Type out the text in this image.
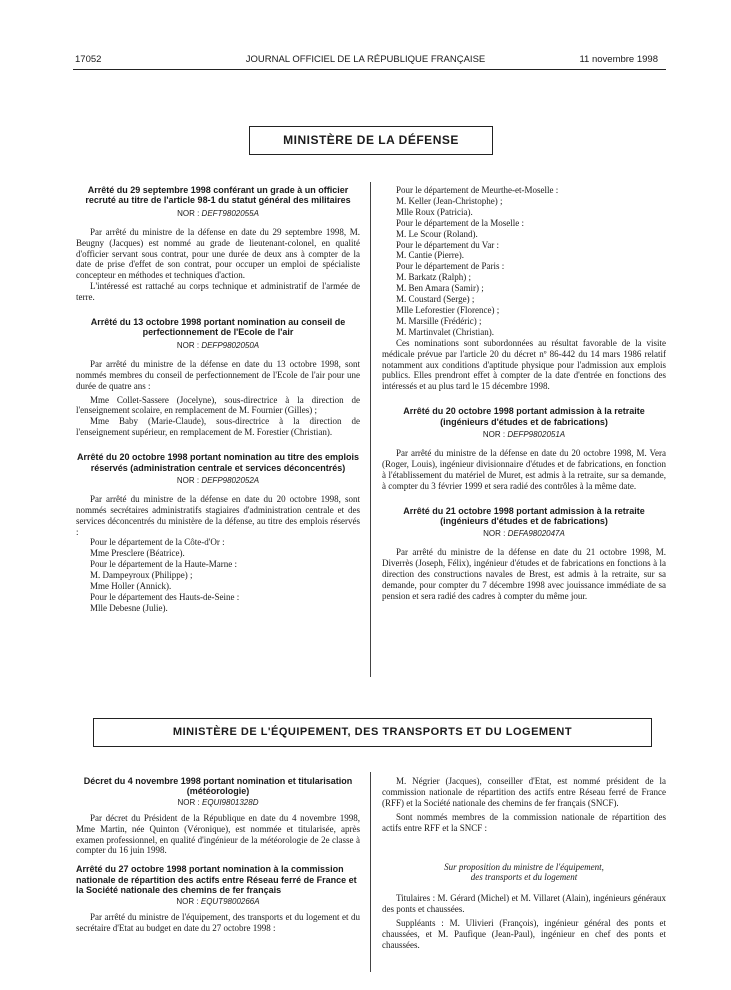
17052	JOURNAL OFFICIEL DE LA RÉPUBLIQUE FRANÇAISE	11 novembre 1998
MINISTÈRE DE LA DÉFENSE

Arrêté du 29 septembre 1998 conférant un grade à un officier recruté au titre de l'article 98-1 du statut général des militaires

NOR : DEFT9802055A

Par arrêté du ministre de la défense en date du 29 septembre 1998, M. Beugny (Jacques) est nommé au grade de lieutenant-colonel, en qualité d'officier servant sous contrat, pour une durée de deux ans à compter de la date de prise d'effet de son contrat, pour occuper un emploi de spécialiste concepteur en méthodes et techniques d'action.

L'intéressé est rattaché au corps technique et administratif de l'armée de terre.

Arrêté du 13 octobre 1998 portant nomination au conseil de perfectionnement de l'Ecole de l'air

NOR : DEFP9802050A

Par arrêté du ministre de la défense en date du 13 octobre 1998, sont nommés membres du conseil de perfectionnement de l'Ecole de l'air pour une durée de quatre ans :

Mme Collet-Sassere (Jocelyne), sous-directrice à la direction de l'enseignement scolaire, en remplacement de M. Fournier (Gilles) ;

Mme Baby (Marie-Claude), sous-directrice à la direction de l'enseignement supérieur, en remplacement de M. Forestier (Christian).

Arrêté du 20 octobre 1998 portant nomination au titre des emplois réservés (administration centrale et services déconcentrés)

NOR : DEFP9802052A

Par arrêté du ministre de la défense en date du 20 octobre 1998, sont nommés secrétaires administratifs stagiaires d'administration centrale et des services déconcentrés du ministère de la défense, au titre des emplois réservés :

Pour le département de la Côte-d'Or :

Mme Presclere (Béatrice).

Pour le département de la Haute-Marne :

M. Dampeyroux (Philippe) ;

Mme Holler (Annick).

Pour le département des Hauts-de-Seine :

Mlle Debesne (Julie).

Pour le département de Meurthe-et-Moselle :

M. Keller (Jean-Christophe) ;

Mlle Roux (Patricia).

Pour le département de la Moselle :

M. Le Scour (Roland).

Pour le département du Var :

M. Cantie (Pierre).

Pour le département de Paris :

M. Barkatz (Ralph) ;

M. Ben Amara (Samir) ;

M. Coustard (Serge) ;

Mlle Leforestier (Florence) ;

M. Marsille (Frédéric) ;

M. Martinvalet (Christian).

Ces nominations sont subordonnées au résultat favorable de la visite médicale prévue par l'article 20 du décret nº 86-442 du 14 mars 1986 relatif notamment aux conditions d'aptitude physique pour l'admission aux emplois publics. Elles prendront effet à compter de la date d'entrée en fonctions des intéressés et au plus tard le 15 décembre 1998.

Arrêté du 20 octobre 1998 portant admission à la retraite (ingénieurs d'études et de fabrications)

NOR : DEFP9802051A

Par arrêté du ministre de la défense en date du 20 octobre 1998, M. Vera (Roger, Louis), ingénieur divisionnaire d'études et de fabrications, en fonction à l'établissement du matériel de Muret, est admis à la retraite, sur sa demande, à compter du 3 février 1999 et sera radié des contrôles à la même date.

Arrêté du 21 octobre 1998 portant admission à la retraite (ingénieurs d'études et de fabrications)

NOR : DEFA9802047A

Par arrêté du ministre de la défense en date du 21 octobre 1998, M. Diverrès (Joseph, Félix), ingénieur d'études et de fabrications en fonctions à la direction des constructions navales de Brest, est admis à la retraite, sur sa demande, pour compter du 7 décembre 1998 avec jouissance immédiate de sa pension et sera radié des cadres à compter du même jour.

MINISTÈRE DE L'ÉQUIPEMENT, DES TRANSPORTS ET DU LOGEMENT

Décret du 4 novembre 1998 portant nomination et titularisation (météorologie)

NOR : EQUI9801328D

Par décret du Président de la République en date du 4 novembre 1998, Mme Martin, née Quinton (Véronique), est nommée et titularisée, après examen professionnel, en qualité d'ingénieur de la météorologie de 2e classe à compter du 16 juin 1998.

Arrêté du 27 octobre 1998 portant nomination à la commission nationale de répartition des actifs entre Réseau ferré de France et la Société nationale des chemins de fer français

NOR : EQUT9800266A

Par arrêté du ministre de l'équipement, des transports et du logement et du secrétaire d'Etat au budget en date du 27 octobre 1998 :

M. Négrier (Jacques), conseiller d'Etat, est nommé président de la commission nationale de répartition des actifs entre Réseau ferré de France (RFF) et la Société nationale des chemins de fer français (SNCF).

Sont nommés membres de la commission nationale de répartition des actifs entre RFF et la SNCF :

Sur proposition du ministre de l'équipement,

des transports et du logement

Titulaires : M. Gérard (Michel) et M. Villaret (Alain), ingénieurs généraux des ponts et chaussées.

Suppléants : M. Ulivieri (François), ingénieur général des ponts et chaussées, et M. Paufique (Jean-Paul), ingénieur en chef des ponts et chaussées.
